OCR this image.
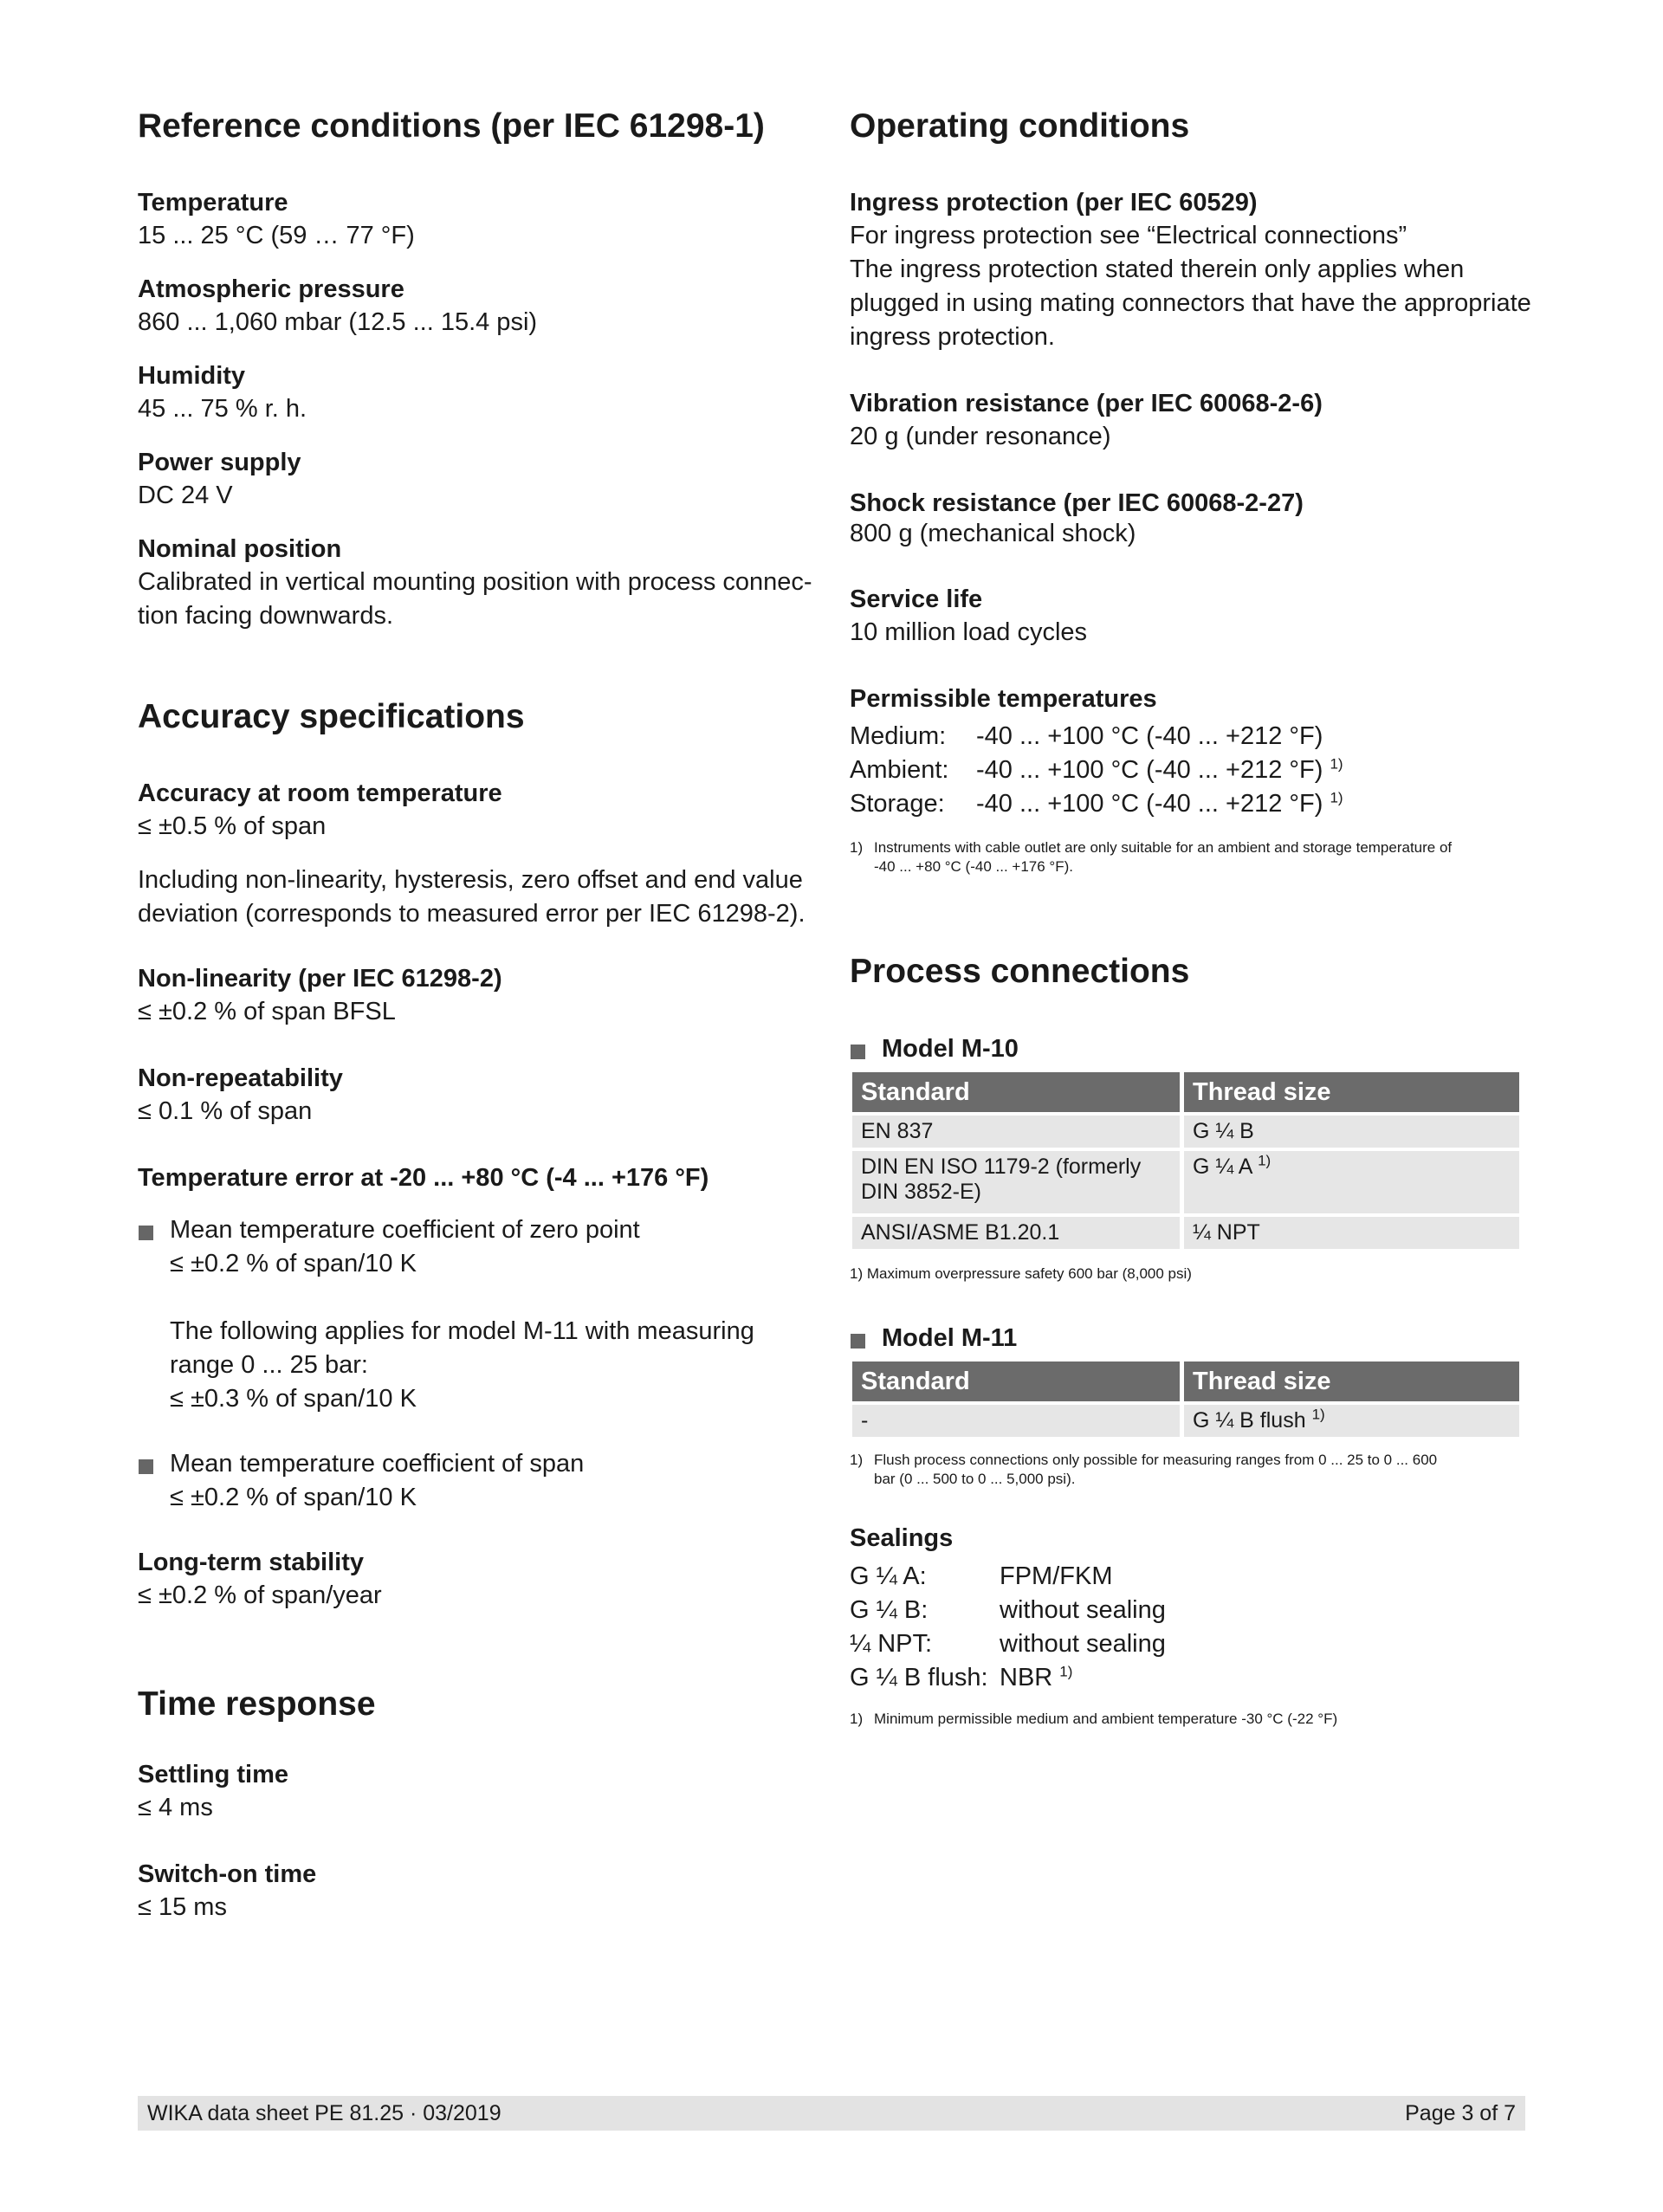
Reference conditions (per IEC 61298-1)
Temperature
15 ... 25 °C (59 … 77 °F)
Atmospheric pressure
860 ... 1,060 mbar (12.5 ... 15.4 psi)
Humidity
45 ... 75 % r. h.
Power supply
DC 24 V
Nominal position
Calibrated in vertical mounting position with process connec-
tion facing downwards.
Accuracy specifications
Accuracy at room temperature
≤ ±0.5 % of span
Including non-linearity, hysteresis, zero offset and end value
deviation (corresponds to measured error per IEC 61298-2).
Non-linearity (per IEC 61298-2)
≤ ±0.2 % of span BFSL
Non-repeatability
≤ 0.1 % of span
Temperature error at -20 ... +80 °C (-4 ... +176 °F)
Mean temperature coefficient of zero point
≤ ±0.2 % of span/10 K
The following applies for model M-11 with measuring
range 0 ... 25 bar:
≤ ±0.3 % of span/10 K
Mean temperature coefficient of span
≤ ±0.2 % of span/10 K
Long-term stability
≤ ±0.2 % of span/year
Time response
Settling time
≤ 4 ms
Switch-on time
≤ 15 ms
Operating conditions
Ingress protection (per IEC 60529)
For ingress protection see “Electrical connections”
The ingress protection stated therein only applies when
plugged in using mating connectors that have the appropriate
ingress protection.
Vibration resistance (per IEC 60068-2-6)
20 g (under resonance)
Shock resistance (per IEC 60068-2-27)
800 g (mechanical shock)
Service life
10 million load cycles
Permissible temperatures
Medium: -40 ... +100 °C (-40 ... +212 °F)
Ambient: -40 ... +100 °C (-40 ... +212 °F) $^{1)}$
Storage: -40 ... +100 °C (-40 ... +212 °F) $^{1)}$
1) Instruments with cable outlet are only suitable for an ambient and storage temperature of
-40 ... +80 °C (-40 ... +176 °F).
Process connections
Model M-10
Standard	Thread size
EN 837	G ¼ B
DIN EN ISO 1179-2 (formerly DIN 3852-E)	G ¼ A $^{1)}$
ANSI/ASME B1.20.1	¼ NPT
1) Maximum overpressure safety 600 bar (8,000 psi)
Model M-11
Standard	Thread size
-	G ¼ B flush $^{1)}$
1) Flush process connections only possible for measuring ranges from 0 ... 25 to 0 ... 600
bar (0 ... 500 to 0 ... 5,000 psi).
Sealings
G ¼ A:	FPM/FKM
G ¼ B:	without sealing
¼ NPT:	without sealing
G ¼ B flush: NBR $^{1)}$
1) Minimum permissible medium and ambient temperature -30 °C (-22 °F)
WIKA data sheet PE 81.25 · 03/2019	Page 3 of 7
